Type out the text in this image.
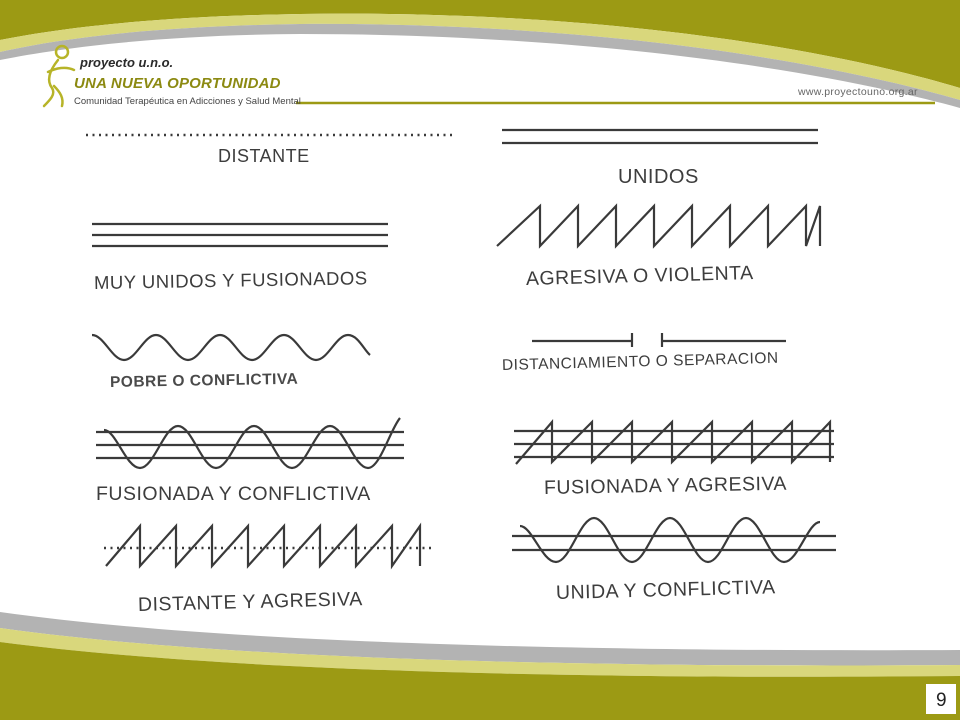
proyecto u.n.o.
UNA NUEVA OPORTUNIDAD
Comunidad Terapéutica en Adicciones y Salud Mental
www.proyectouno.org.ar
DISTANTE
UNIDOS
MUY UNIDOS Y FUSIONADOS	AGRESIVA O VIOLENTA
POBRE O CONFLICTIVA
DISTANCIAMIENTO O SEPARACION
FUSIONADA Y CONFLICTIVA	FUSIONADA Y AGRESIVA
DISTANTE Y AGRESIVA	UNIDA Y CONFLICTIVA
9
